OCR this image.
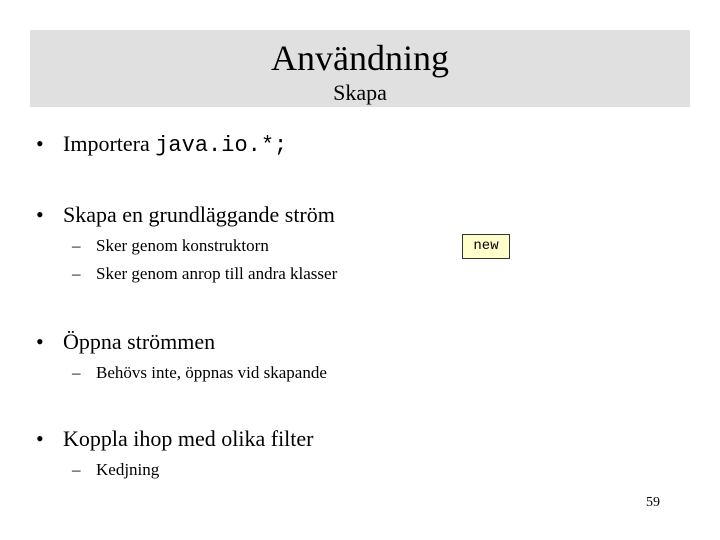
Användning
Skapa
• Importera java.io.*;
• Skapa en grundläggande ström
– Sker genom konstruktorn
– Sker genom anrop till andra klasser
new
• Öppna strömmen
– Behövs inte, öppnas vid skapande
• Koppla ihop med olika filter
– Kedjning
59
